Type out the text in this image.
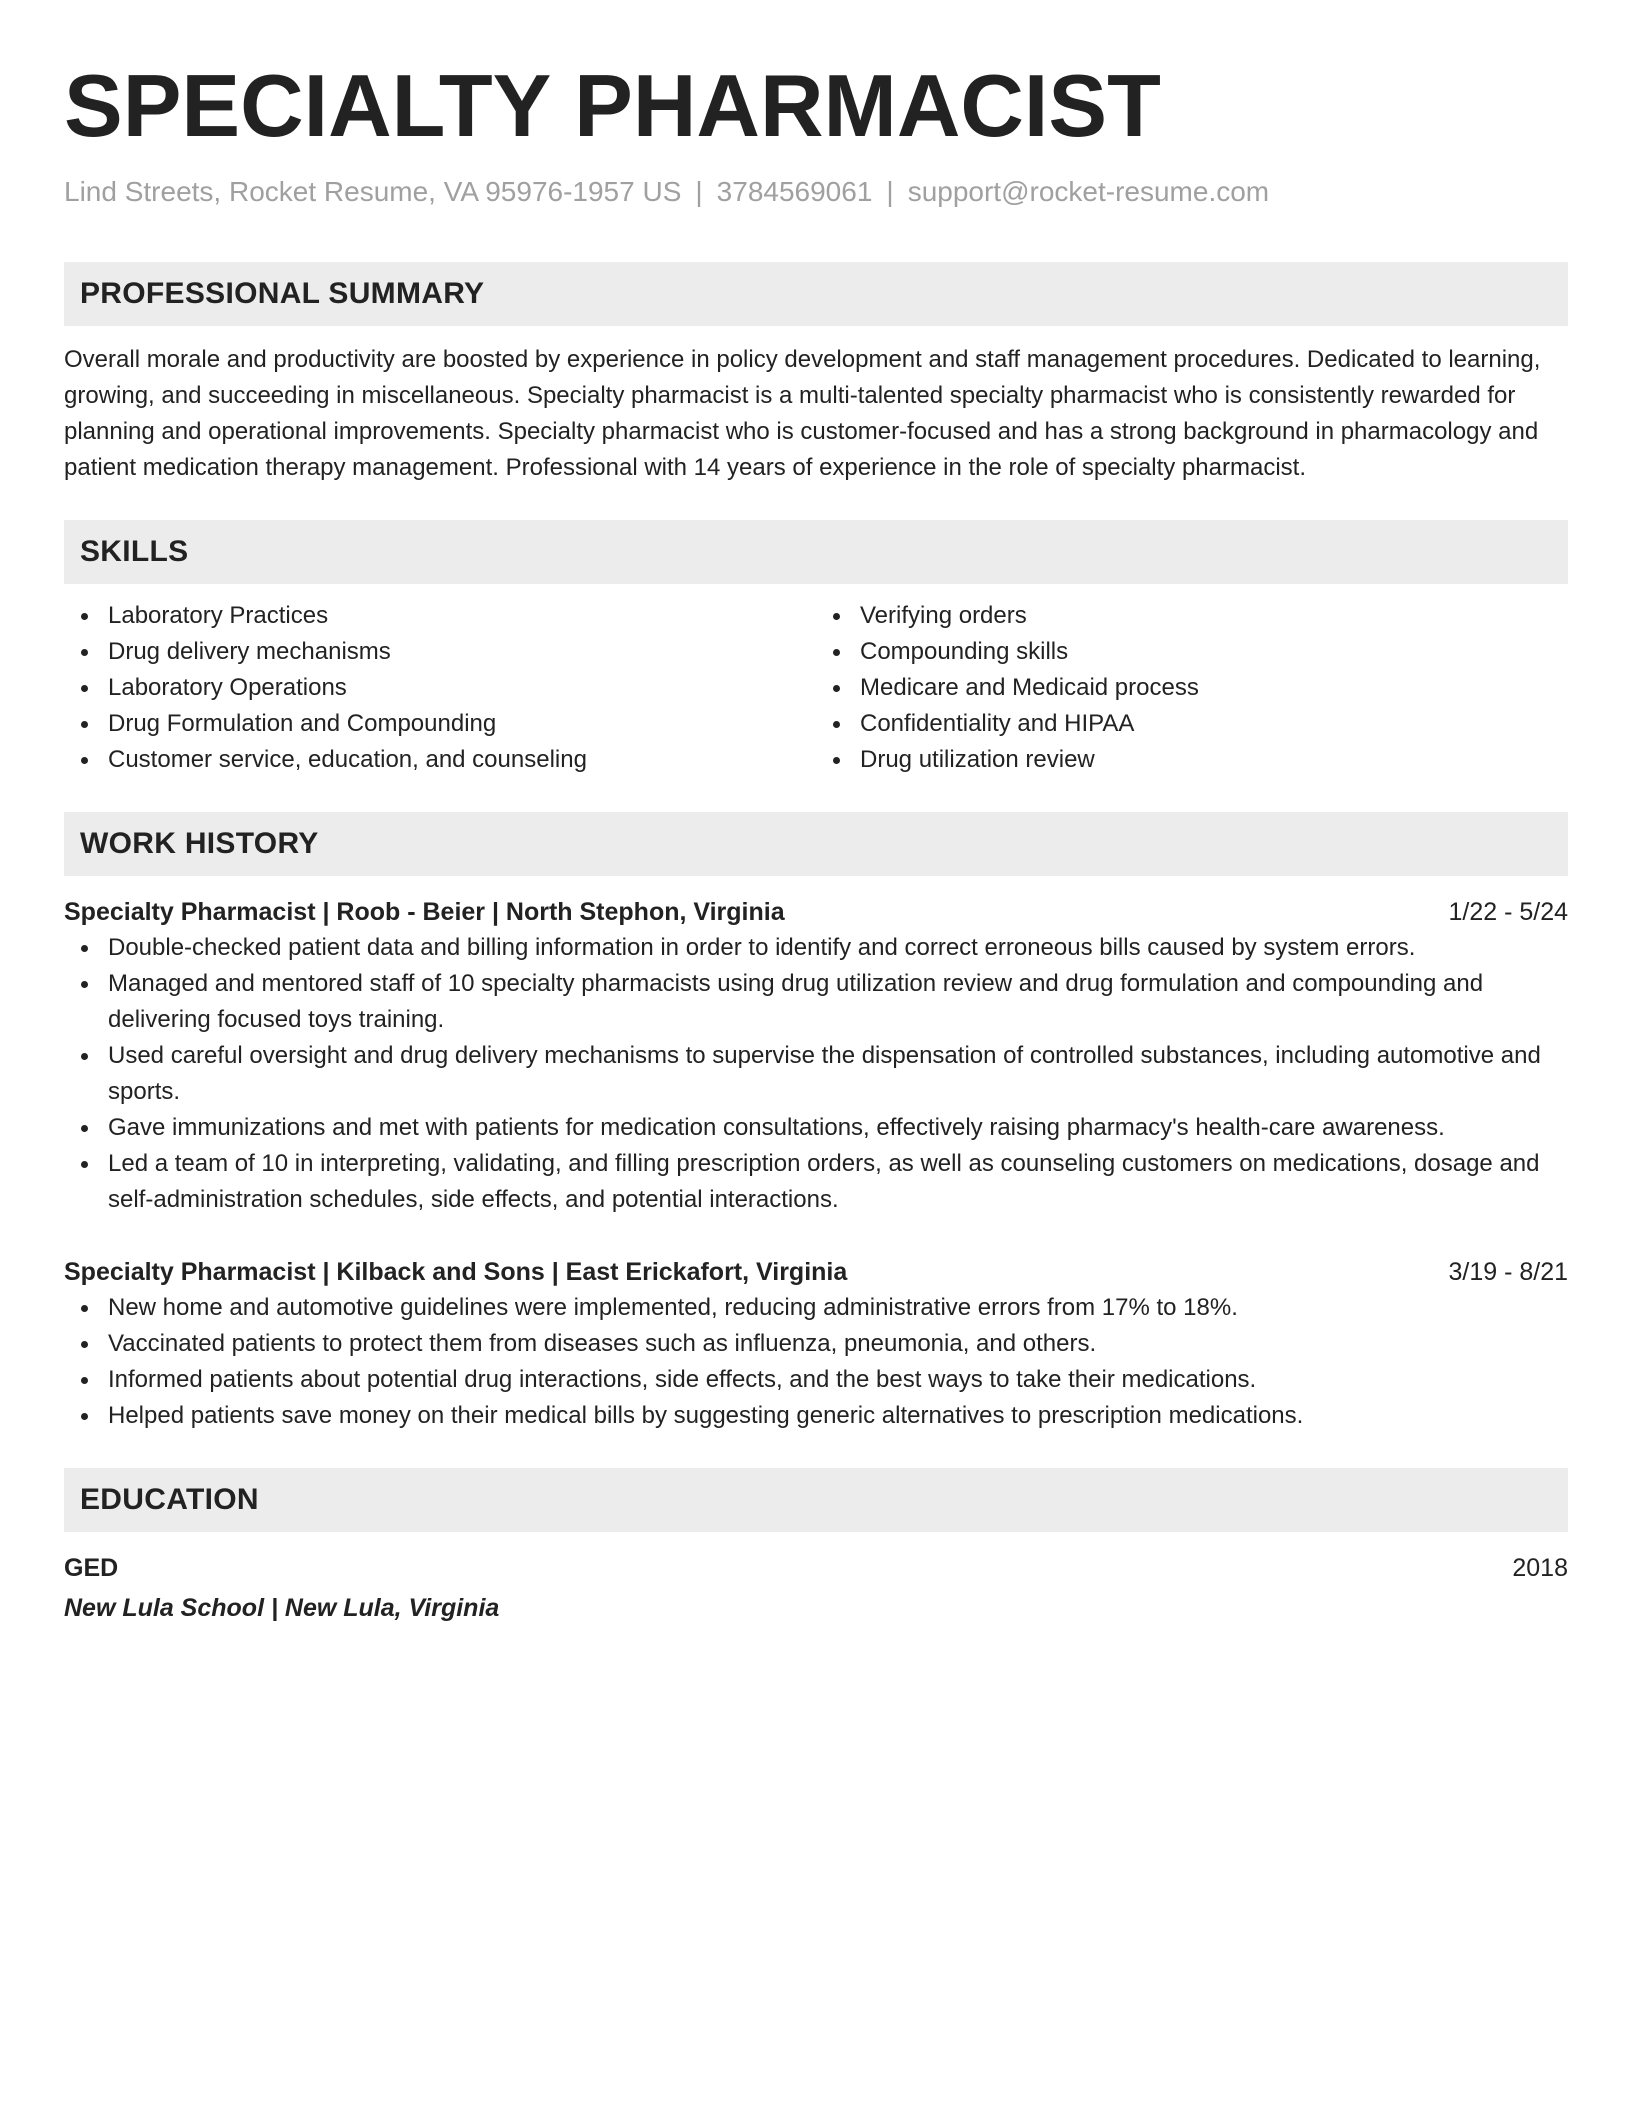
SPECIALTY PHARMACIST
Lind Streets, Rocket Resume, VA 95976-1957 US | 3784569061 | support@rocket-resume.com
PROFESSIONAL SUMMARY
Overall morale and productivity are boosted by experience in policy development and staff management procedures. Dedicated to learning, growing, and succeeding in miscellaneous. Specialty pharmacist is a multi-talented specialty pharmacist who is consistently rewarded for planning and operational improvements. Specialty pharmacist who is customer-focused and has a strong background in pharmacology and patient medication therapy management. Professional with 14 years of experience in the role of specialty pharmacist.
SKILLS
Laboratory Practices
Drug delivery mechanisms
Laboratory Operations
Drug Formulation and Compounding
Customer service, education, and counseling
Verifying orders
Compounding skills
Medicare and Medicaid process
Confidentiality and HIPAA
Drug utilization review
WORK HISTORY
Specialty Pharmacist | Roob - Beier | North Stephon, Virginia	1/22 - 5/24
Double-checked patient data and billing information in order to identify and correct erroneous bills caused by system errors.
Managed and mentored staff of 10 specialty pharmacists using drug utilization review and drug formulation and compounding and delivering focused toys training.
Used careful oversight and drug delivery mechanisms to supervise the dispensation of controlled substances, including automotive and sports.
Gave immunizations and met with patients for medication consultations, effectively raising pharmacy's health-care awareness.
Led a team of 10 in interpreting, validating, and filling prescription orders, as well as counseling customers on medications, dosage and self-administration schedules, side effects, and potential interactions.
Specialty Pharmacist | Kilback and Sons | East Erickafort, Virginia	3/19 - 8/21
New home and automotive guidelines were implemented, reducing administrative errors from 17% to 18%.
Vaccinated patients to protect them from diseases such as influenza, pneumonia, and others.
Informed patients about potential drug interactions, side effects, and the best ways to take their medications.
Helped patients save money on their medical bills by suggesting generic alternatives to prescription medications.
EDUCATION
GED	2018
New Lula School | New Lula, Virginia
